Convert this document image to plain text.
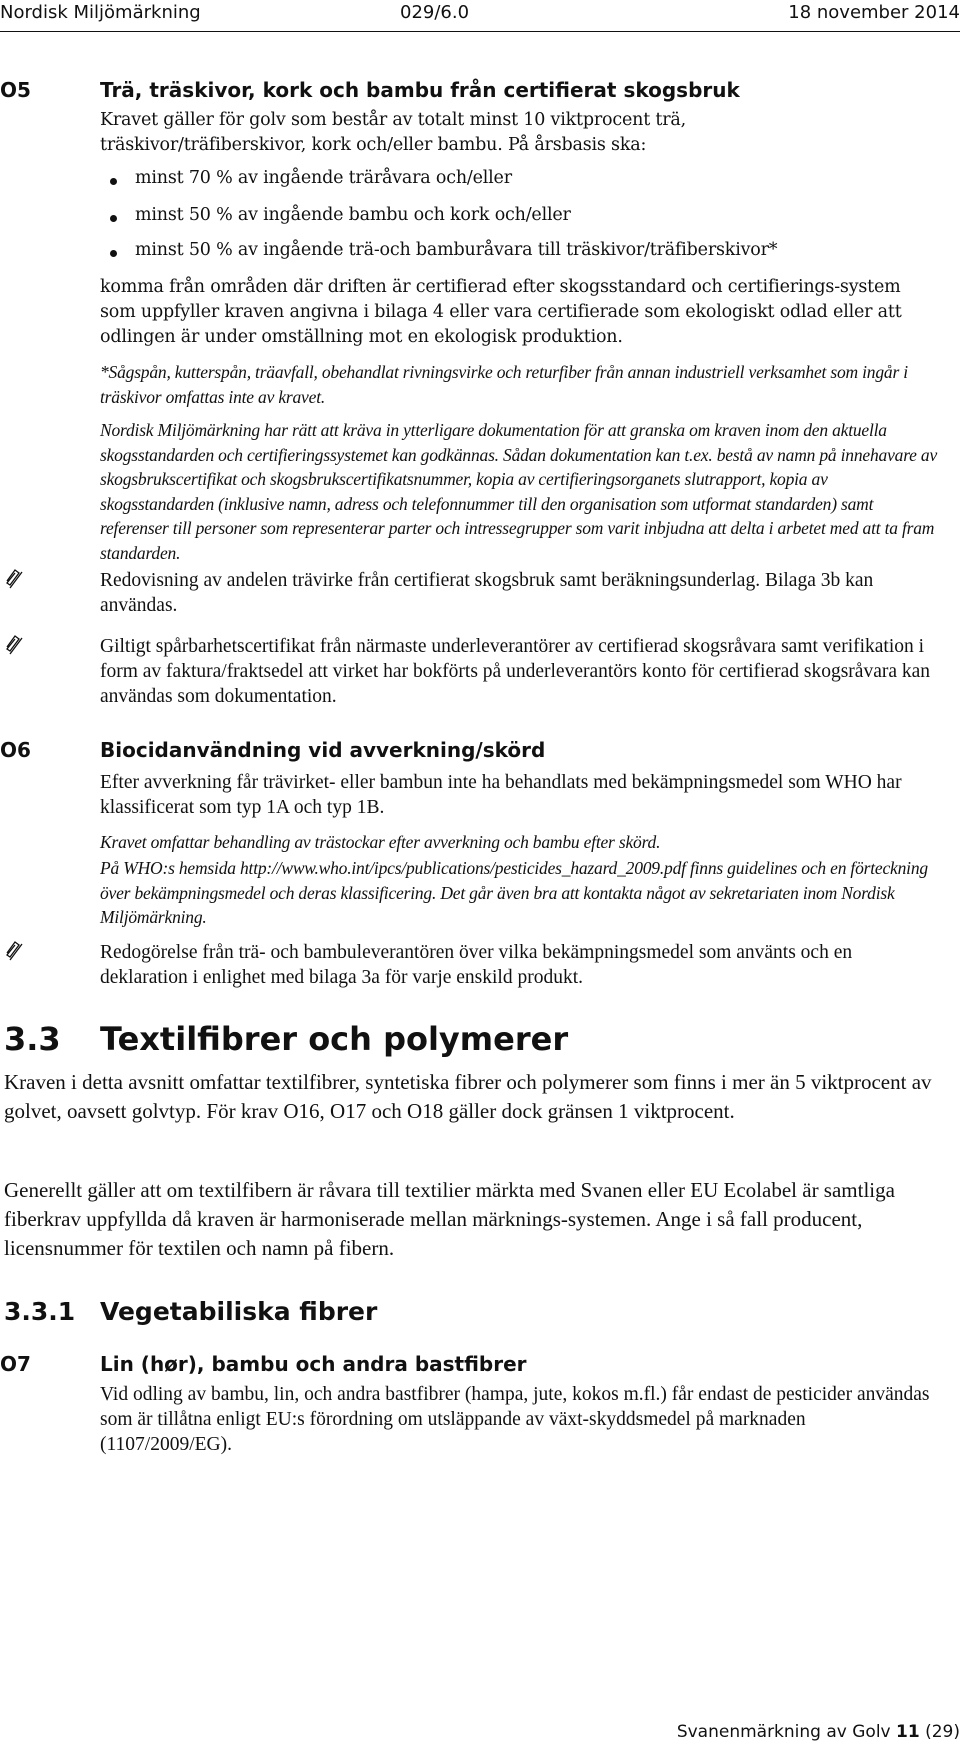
Nordisk Miljömärkning	029/6.0	18 november 2014
O5	Trä, träskivor, kork och bambu från certifierat skogsbruk
Kravet gäller för golv som består av totalt minst 10 viktprocent trä,
träskivor/träfiberskivor, kork och/eller bambu. På årsbasis ska:
minst 70 % av ingående träråvara och/eller
minst 50 % av ingående bambu och kork och/eller
minst 50 % av ingående trä-och bamburåvara till träskivor/träfiberskivor*
komma från områden där driften är certifierad efter skogsstandard och certifierings-system som uppfyller kraven angivna i bilaga 4 eller vara certifierade som ekologiskt odlad eller att odlingen är under omställning mot en ekologisk produktion.
*Sågspån, kutterspån, träavfall, obehandlat rivningsvirke och returfiber från annan industriell verksamhet som ingår i träskivor omfattas inte av kravet.
Nordisk Miljömärkning har rätt att kräva in ytterligare dokumentation för att granska om kraven inom den aktuella skogsstandarden och certifieringssystemet kan godkännas. Sådan dokumentation kan t.ex. bestå av namn på innehavare av skogsbrukscertifikat och skogsbrukscertifikatsnummer, kopia av certifieringsorganets slutrapport, kopia av skogsstandarden (inklusive namn, adress och telefonnummer till den organisation som utformat standarden) samt referenser till personer som representerar parter och intressegrupper som varit inbjudna att delta i arbetet med att ta fram standarden.
Redovisning av andelen trävirke från certifierat skogsbruk samt beräkningsunderlag. Bilaga 3b kan användas.
Giltigt spårbarhetscertifikat från närmaste underleverantörer av certifierad skogsråvara samt verifikation i form av faktura/fraktsedel att virket har bokförts på underleverantörs konto för certifierad skogsråvara kan användas som dokumentation.
O6	Biocidanvändning vid avverkning/skörd
Efter avverkning får trävirket- eller bambun inte ha behandlats med bekämpningsmedel som WHO har klassificerat som typ 1A och typ 1B.
Kravet omfattar behandling av trästockar efter avverkning och bambu efter skörd.
På WHO:s hemsida http://www.who.int/ipcs/publications/pesticides_hazard_2009.pdf finns guidelines och en förteckning över bekämpningsmedel och deras klassificering. Det går även bra att kontakta något av sekretariaten inom Nordisk Miljömärkning.
Redogörelse från trä- och bambuleverantören över vilka bekämpningsmedel som använts och en deklaration i enlighet med bilaga 3a för varje enskild produkt.
3.3 Textilfibrer och polymerer
Kraven i detta avsnitt omfattar textilfibrer, syntetiska fibrer och polymerer som finns i mer än 5 viktprocent av golvet, oavsett golvtyp. För krav O16, O17 och O18 gäller dock gränsen 1 viktprocent.
Generellt gäller att om textilfibern är råvara till textilier märkta med Svanen eller EU Ecolabel är samtliga fiberkrav uppfyllda då kraven är harmoniserade mellan märknings-systemen. Ange i så fall producent, licensnummer för textilen och namn på fibern.
3.3.1 Vegetabiliska fibrer
O7	Lin (hør), bambu och andra bastfibrer
Vid odling av bambu, lin, och andra bastfibrer (hampa, jute, kokos m.fl.) får endast de pesticider användas som är tillåtna enligt EU:s förordning om utsläppande av växt-skyddsmedel på marknaden (1107/2009/EG).
Svanenmärkning av Golv 11 (29)
